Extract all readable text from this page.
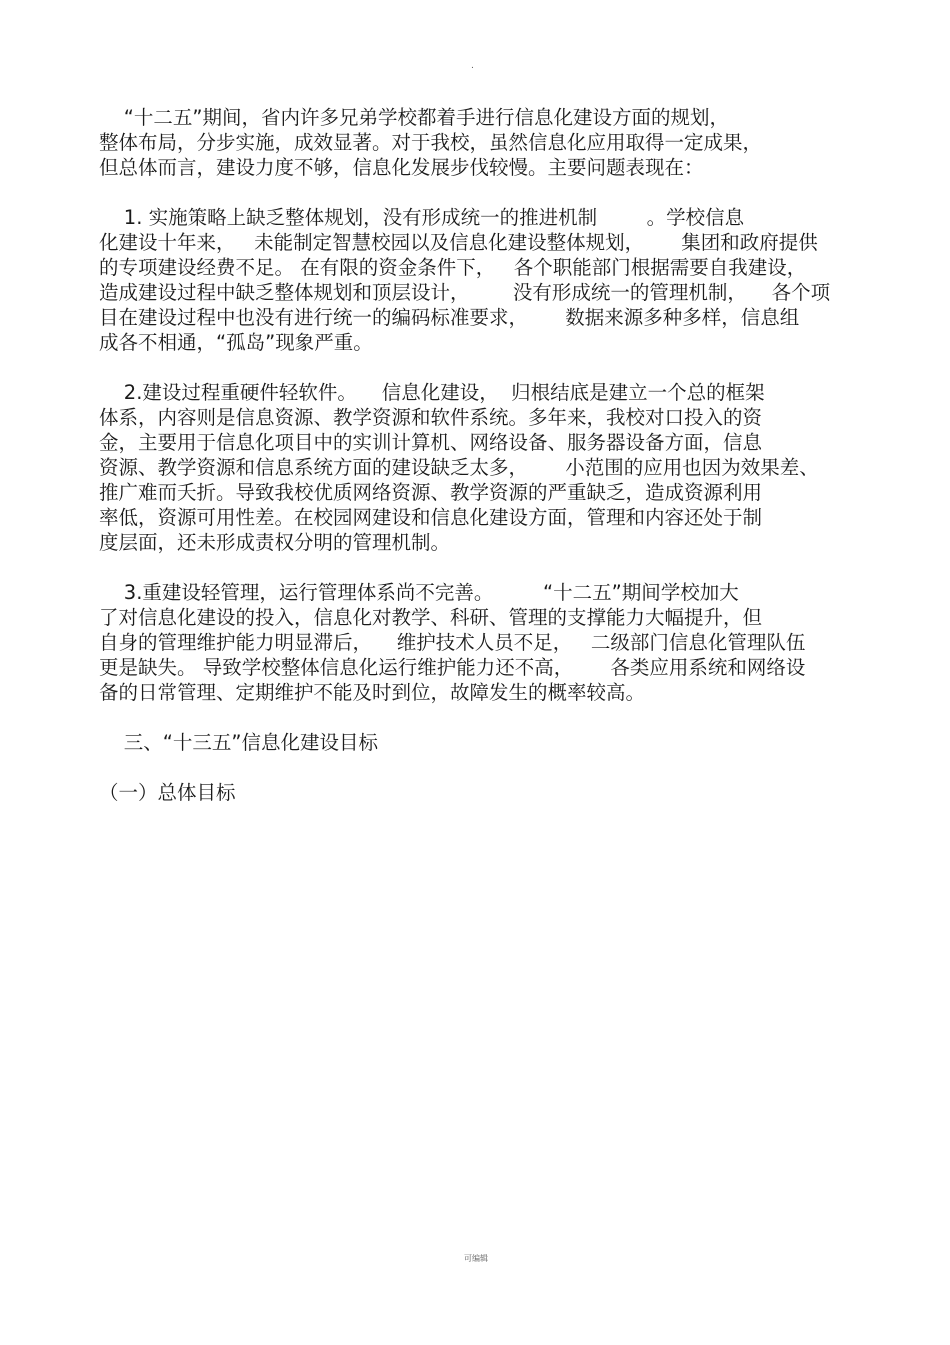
.

“十二五”期间，省内许多兄弟学校都着手进行信息化建设方面的规划，

整体布局，分步实施，成效显著。对于我校，虽然信息化应用取得一定成果，

但总体而言，建设力度不够，信息化发展步伐较慢。主要问题表现在：

1. 实施策略上缺乏整体规划，没有形成统一的推进机制        。学校信息

化建设十年来，   未能制定智慧校园以及信息化建设整体规划，      集团和政府提供

的专项建设经费不足。 在有限的资金条件下，   各个职能部门根据需要自我建设，

造成建设过程中缺乏整体规划和顶层设计，       没有形成统一的管理机制，    各个项

目在建设过程中也没有进行统一的编码标准要求，      数据来源多种多样，信息组

成各不相通，“孤岛”现象严重。

2.建设过程重硬件轻软件。    信息化建设，  归根结底是建立一个总的框架

体系，内容则是信息资源、教学资源和软件系统。多年来，我校对口投入的资

金，主要用于信息化项目中的实训计算机、网络设备、服务器设备方面，信息

资源、教学资源和信息系统方面的建设缺乏太多，      小范围的应用也因为效果差、

推广难而夭折。导致我校优质网络资源、教学资源的严重缺乏，造成资源利用

率低，资源可用性差。在校园网建设和信息化建设方面，管理和内容还处于制

度层面，还未形成责权分明的管理机制。

3.重建设轻管理，运行管理体系尚不完善。        “十二五”期间学校加大

了对信息化建设的投入，信息化对教学、科研、管理的支撑能力大幅提升，但

自身的管理维护能力明显滞后，    维护技术人员不足，   二级部门信息化管理队伍

更是缺失。 导致学校整体信息化运行维护能力还不高，      各类应用系统和网络设

备的日常管理、定期维护不能及时到位，故障发生的概率较高。

三、“十三五”信息化建设目标

（一）总体目标

可编辑
